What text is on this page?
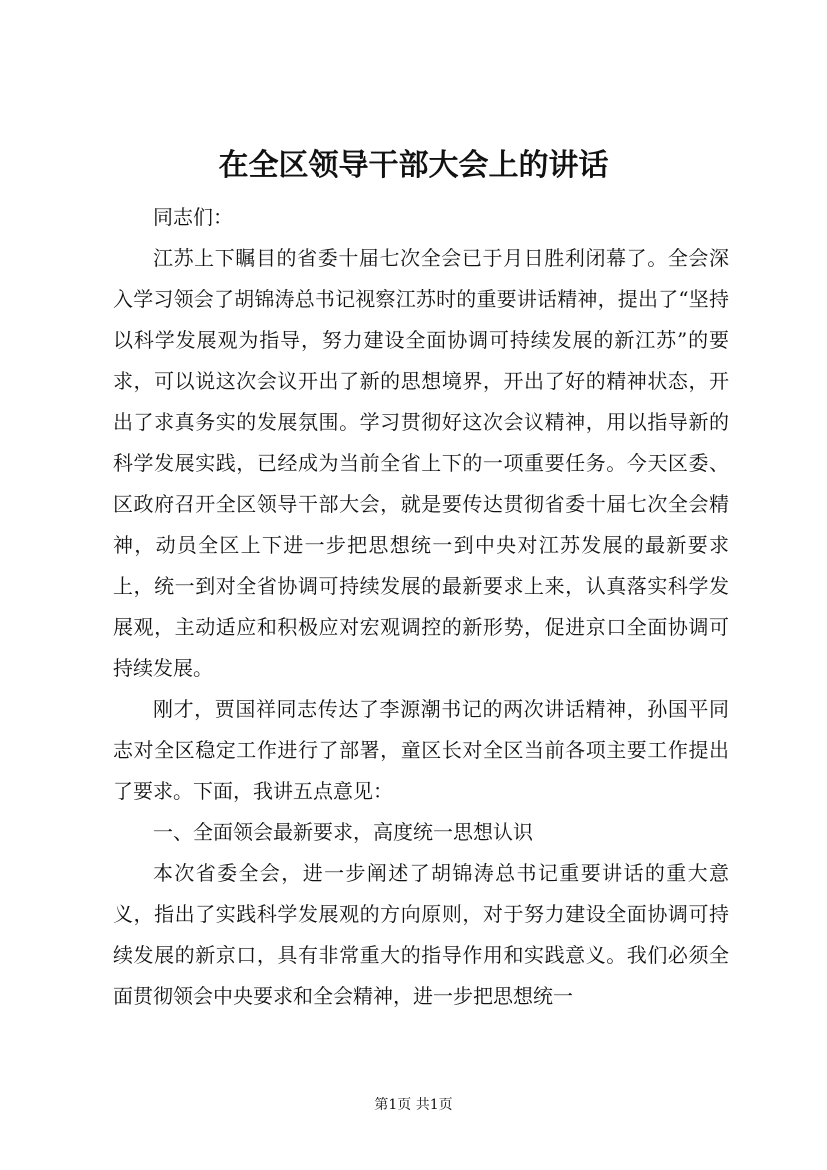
在全区领导干部大会上的讲话

同志们：

江苏上下瞩目的省委十届七次全会已于月日胜利闭幕了。全会深入学习领会了胡锦涛总书记视察江苏时的重要讲话精神，提出了“坚持以科学发展观为指导，努力建设全面协调可持续发展的新江苏”的要求，可以说这次会议开出了新的思想境界，开出了好的精神状态，开出了求真务实的发展氛围。学习贯彻好这次会议精神，用以指导新的科学发展实践，已经成为当前全省上下的一项重要任务。今天区委、区政府召开全区领导干部大会，就是要传达贯彻省委十届七次全会精神，动员全区上下进一步把思想统一到中央对江苏发展的最新要求上，统一到对全省协调可持续发展的最新要求上来，认真落实科学发展观，主动适应和积极应对宏观调控的新形势，促进京口全面协调可持续发展。

刚才，贾国祥同志传达了李源潮书记的两次讲话精神，孙国平同志对全区稳定工作进行了部署，童区长对全区当前各项主要工作提出了要求。下面，我讲五点意见：

一、全面领会最新要求，高度统一思想认识

本次省委全会，进一步阐述了胡锦涛总书记重要讲话的重大意义，指出了实践科学发展观的方向原则，对于努力建设全面协调可持续发展的新京口，具有非常重大的指导作用和实践意义。我们必须全面贯彻领会中央要求和全会精神，进一步把思想统一

第1页 共1页
